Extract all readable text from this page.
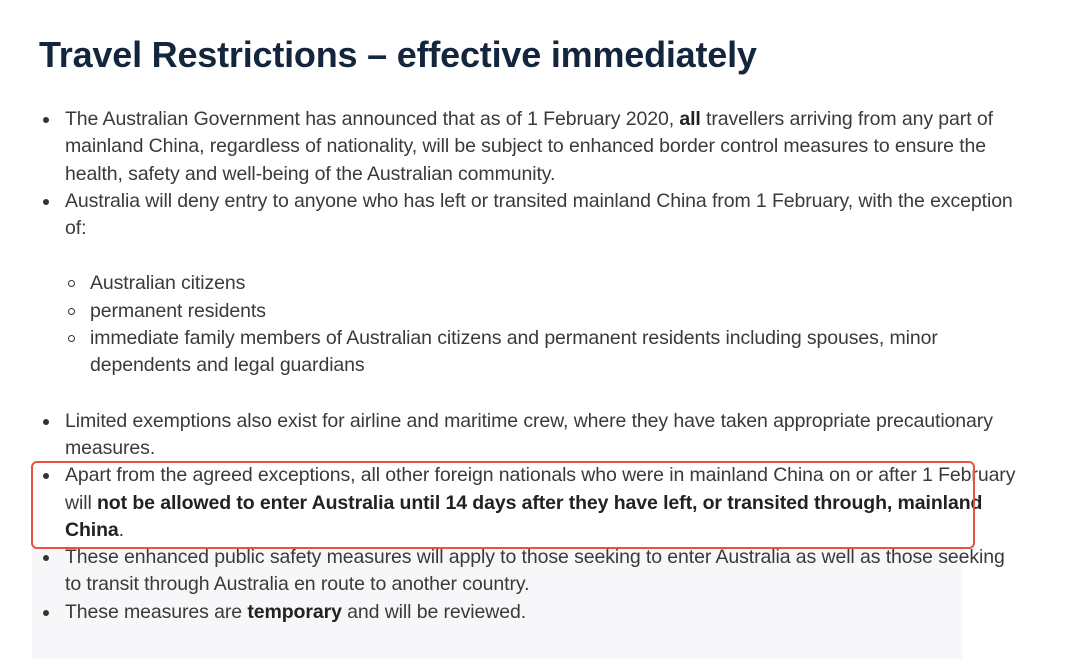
Travel Restrictions – effective immediately
The Australian Government has announced that as of 1 February 2020, all travellers arriving from any part of mainland China, regardless of nationality, will be subject to enhanced border control measures to ensure the health, safety and well-being of the Australian community.
Australia will deny entry to anyone who has left or transited mainland China from 1 February, with the exception of:
Australian citizens
permanent residents
immediate family members of Australian citizens and permanent residents including spouses, minor dependents and legal guardians
Limited exemptions also exist for airline and maritime crew, where they have taken appropriate precautionary measures.
Apart from the agreed exceptions, all other foreign nationals who were in mainland China on or after 1 February will not be allowed to enter Australia until 14 days after they have left, or transited through, mainland China.
These enhanced public safety measures will apply to those seeking to enter Australia as well as those seeking to transit through Australia en route to another country.
These measures are temporary and will be reviewed.
